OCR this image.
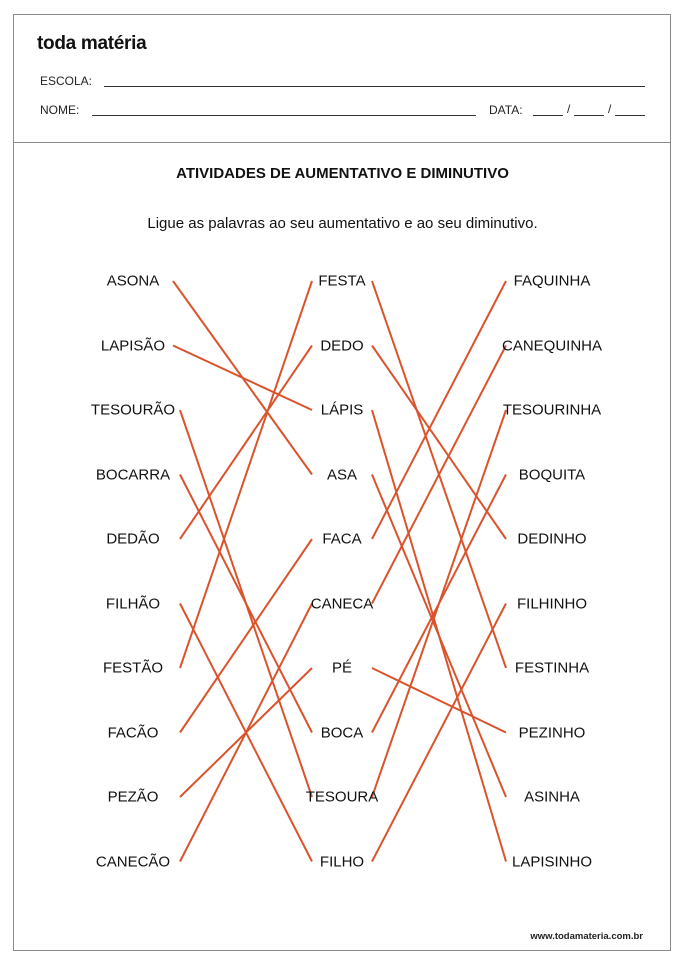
toda matéria
ESCOLA:
NOME:	DATA:	/	/
ATIVIDADES DE AUMENTATIVO E DIMINUTIVO
Ligue as palavras ao seu aumentativo e ao seu diminutivo.
ASONA
LAPISÃO
TESOURÃO
BOCARRA
DEDÃO
FILHÃO
FESTÃO
FACÃO
PEZÃO
CANECÃO
FESTA
DEDO
LÁPIS
ASA
FACA
CANECA
PÉ
BOCA
TESOURA
FILHO
FAQUINHA
CANEQUINHA
TESOURINHA
BOQUITA
DEDINHO
FILHINHO
FESTINHA
PEZINHO
ASINHA
LAPISINHO
www.todamateria.com.br
